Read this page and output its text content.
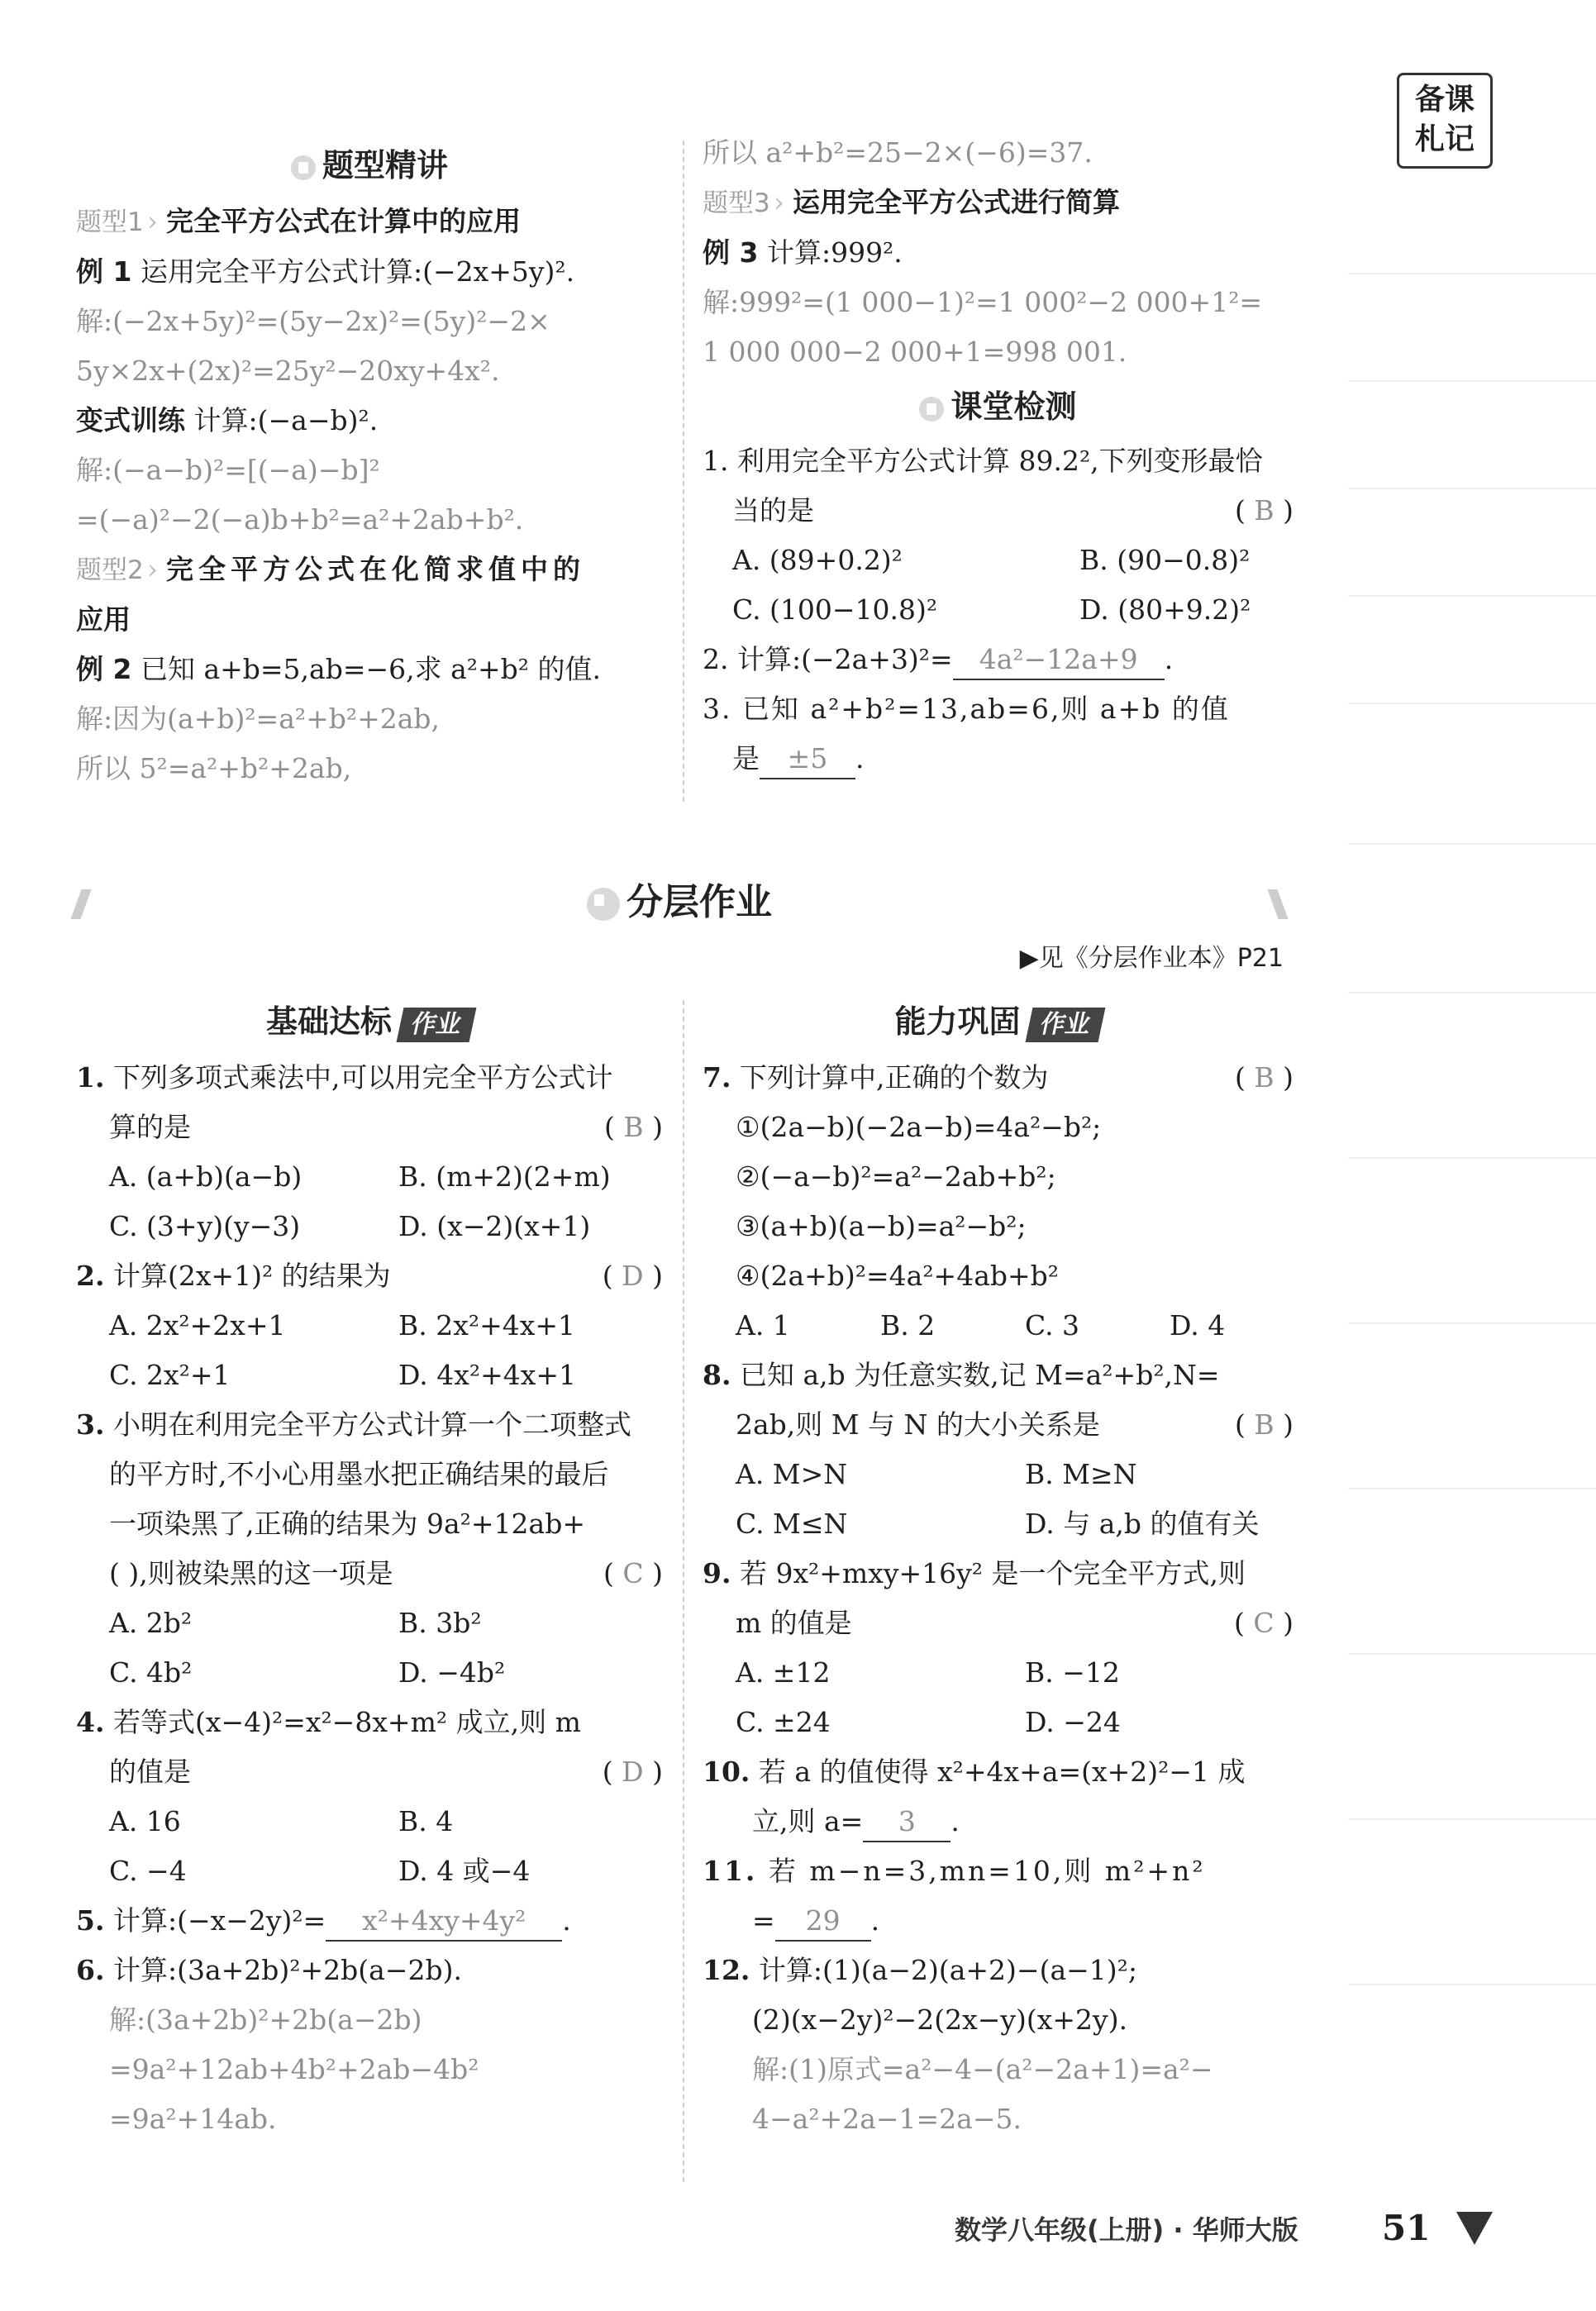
备课
札记
题型精讲
题型1 › 完全平方公式在计算中的应用
例 1 运用完全平方公式计算:(−2x+5y)².
解:(−2x+5y)²=(5y−2x)²=(5y)²−2×
5y×2x+(2x)²=25y²−20xy+4x².
变式训练 计算:(−a−b)².
解:(−a−b)²=[(−a)−b]²
=(−a)²−2(−a)b+b²=a²+2ab+b².
题型2 › 完全平方公式在化简求值中的
应用
例 2 已知 a+b=5,ab=−6,求 a²+b² 的值.
解:因为(a+b)²=a²+b²+2ab,
所以 5²=a²+b²+2ab,
所以 a²+b²=25−2×(−6)=37.
题型3 › 运用完全平方公式进行简算
例 3 计算:999².
解:999²=(1 000−1)²=1 000²−2 000+1²=
1 000 000−2 000+1=998 001.
课堂检测
1. 利用完全平方公式计算 89.2²,下列变形最恰
当的是	( B )
A. (89+0.2)²	B. (90−0.8)²
C. (100−10.8)²	D. (80+9.2)²
2. 计算:(−2a+3)²= 4a²−12a+9 .
3. 已知 a²+b²=13,ab=6,则 a+b 的值
是 ±5 .
分层作业
▶见《分层作业本》P21
基础达标 作业
1. 下列多项式乘法中,可以用完全平方公式计
算的是	( B )
A. (a+b)(a−b)	B. (m+2)(2+m)
C. (3+y)(y−3)	D. (x−2)(x+1)
2. 计算(2x+1)² 的结果为	( D )
A. 2x²+2x+1	B. 2x²+4x+1
C. 2x²+1	D. 4x²+4x+1
3. 小明在利用完全平方公式计算一个二项整式
的平方时,不小心用墨水把正确结果的最后
一项染黑了,正确的结果为 9a²+12ab+
( ),则被染黑的这一项是	( C )
A. 2b²	B. 3b²
C. 4b²	D. −4b²
4. 若等式(x−4)²=x²−8x+m² 成立,则 m
的值是	( D )
A. 16	B. 4
C. −4	D. 4 或−4
5. 计算:(−x−2y)²= x²+4xy+4y² .
6. 计算:(3a+2b)²+2b(a−2b).
解:(3a+2b)²+2b(a−2b)
=9a²+12ab+4b²+2ab−4b²
=9a²+14ab.
能力巩固 作业
7. 下列计算中,正确的个数为	( B )
①(2a−b)(−2a−b)=4a²−b²;
②(−a−b)²=a²−2ab+b²;
③(a+b)(a−b)=a²−b²;
④(2a+b)²=4a²+4ab+b²
A. 1	B. 2	C. 3	D. 4
8. 已知 a,b 为任意实数,记 M=a²+b²,N=
2ab,则 M 与 N 的大小关系是	( B )
A. M>N	B. M≥N
C. M≤N	D. 与 a,b 的值有关
9. 若 9x²+mxy+16y² 是一个完全平方式,则
m 的值是	( C )
A. ±12	B. −12
C. ±24	D. −24
10. 若 a 的值使得 x²+4x+a=(x+2)²−1 成
立,则 a= 3 .
11. 若 m−n=3,mn=10,则 m²+n²
= 29 .
12. 计算:(1)(a−2)(a+2)−(a−1)²;
(2)(x−2y)²−2(2x−y)(x+2y).
解:(1)原式=a²−4−(a²−2a+1)=a²−
4−a²+2a−1=2a−5.
数学八年级(上册) · 华师大版 51
